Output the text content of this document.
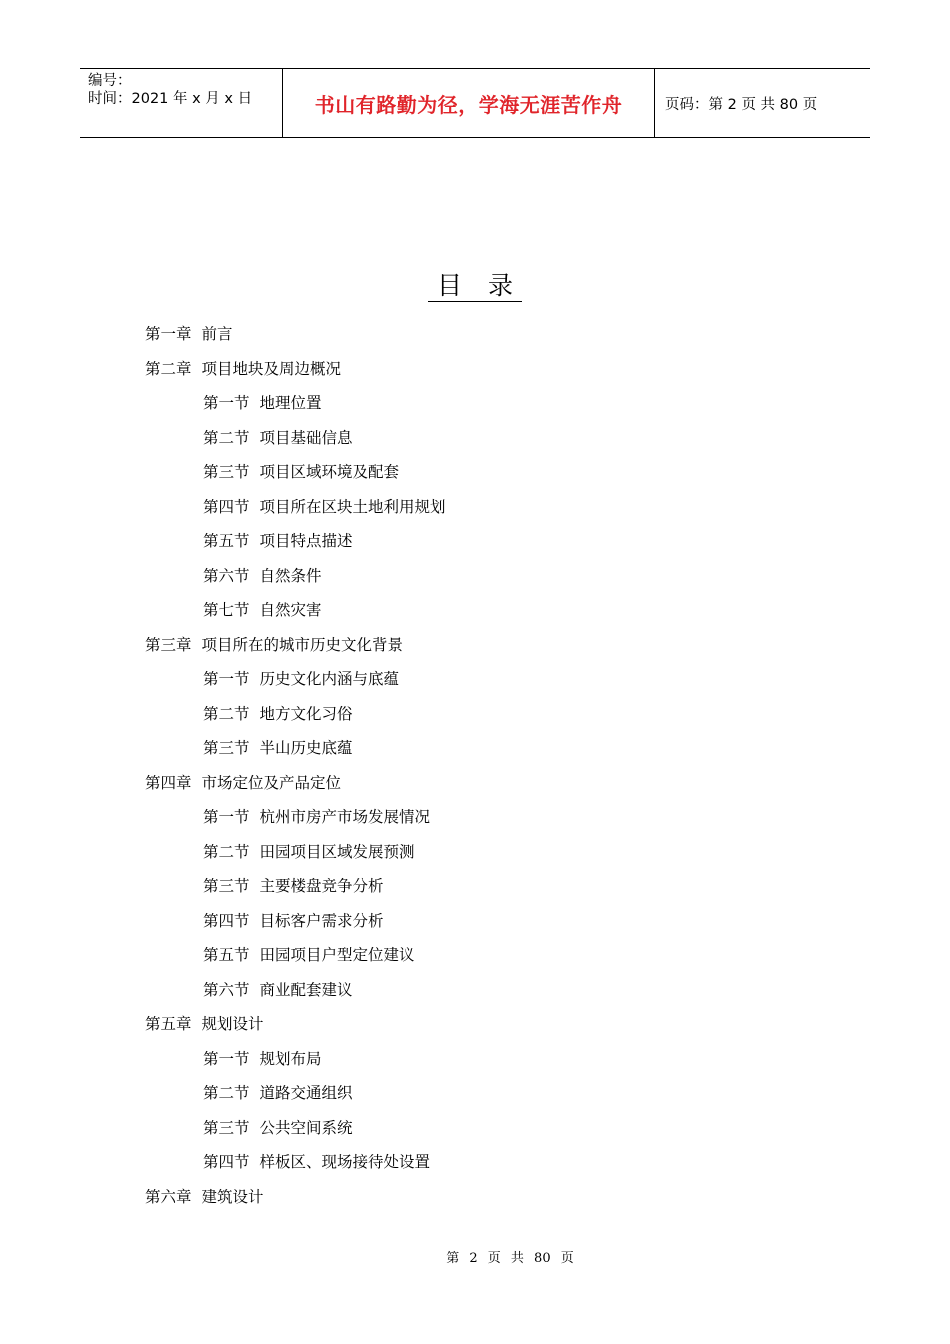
编号：
时间：2021 年 x 月 x 日	书山有路勤为径，学海无涯苦作舟	页码：第 2 页 共 80 页
目 录
第一章 前言
第二章 项目地块及周边概况
第一节 地理位置
第二节 项目基础信息
第三节 项目区域环境及配套
第四节 项目所在区块土地利用规划
第五节 项目特点描述
第六节 自然条件
第七节 自然灾害
第三章 项目所在的城市历史文化背景
第一节 历史文化内涵与底蕴
第二节 地方文化习俗
第三节 半山历史底蕴
第四章 市场定位及产品定位
第一节 杭州市房产市场发展情况
第二节 田园项目区域发展预测
第三节 主要楼盘竞争分析
第四节 目标客户需求分析
第五节 田园项目户型定位建议
第六节 商业配套建议
第五章 规划设计
第一节 规划布局
第二节 道路交通组织
第三节 公共空间系统
第四节 样板区、现场接待处设置
第六章 建筑设计
第 2 页 共 80 页
